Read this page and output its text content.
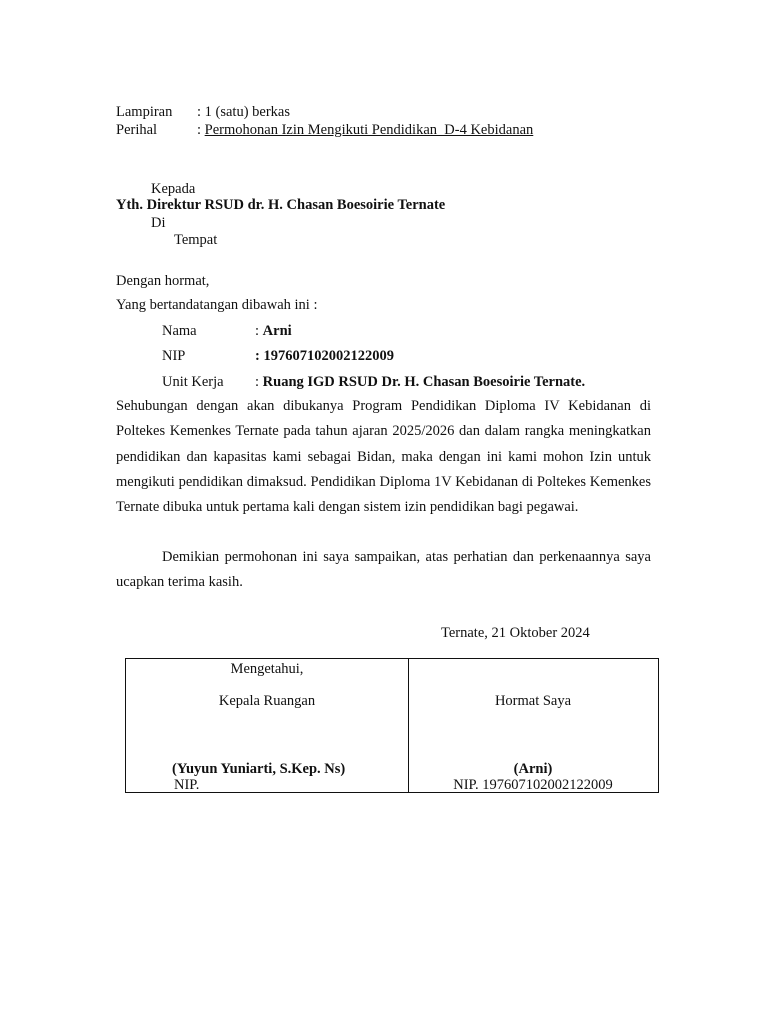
Lampiran : 1 (satu) berkas
Perihal	: Permohonan Izin Mengikuti Pendidikan  D-4 Kebidanan
Kepada
Yth. Direktur RSUD dr. H. Chasan Boesoirie Ternate
Di
Tempat
Dengan hormat,
Yang bertandatangan dibawah ini :
Nama	: Arni
NIP	: 197607102002122009
Unit Kerja : Ruang IGD RSUD Dr. H. Chasan Boesoirie Ternate.
Sehubungan dengan akan dibukanya Program Pendidikan Diploma IV Kebidanan di Poltekes Kemenkes Ternate pada tahun ajaran 2025/2026 dan dalam rangka meningkatkan pendidikan dan kapasitas kami sebagai Bidan, maka dengan ini kami mohon Izin untuk mengikuti pendidikan dimaksud. Pendidikan Diploma 1V Kebidanan di Poltekes Kemenkes Ternate dibuka untuk pertama kali dengan sistem izin pendidikan bagi pegawai.
Demikian permohonan ini saya sampaikan, atas perhatian dan perkenaannya saya ucapkan terima kasih.
Ternate, 21 Oktober 2024
Mengetahui,
Kepala Ruangan
(Yuyun Yuniarti, S.Kep. Ns)
NIP.
Hormat Saya
(Arni)
NIP. 197607102002122009
